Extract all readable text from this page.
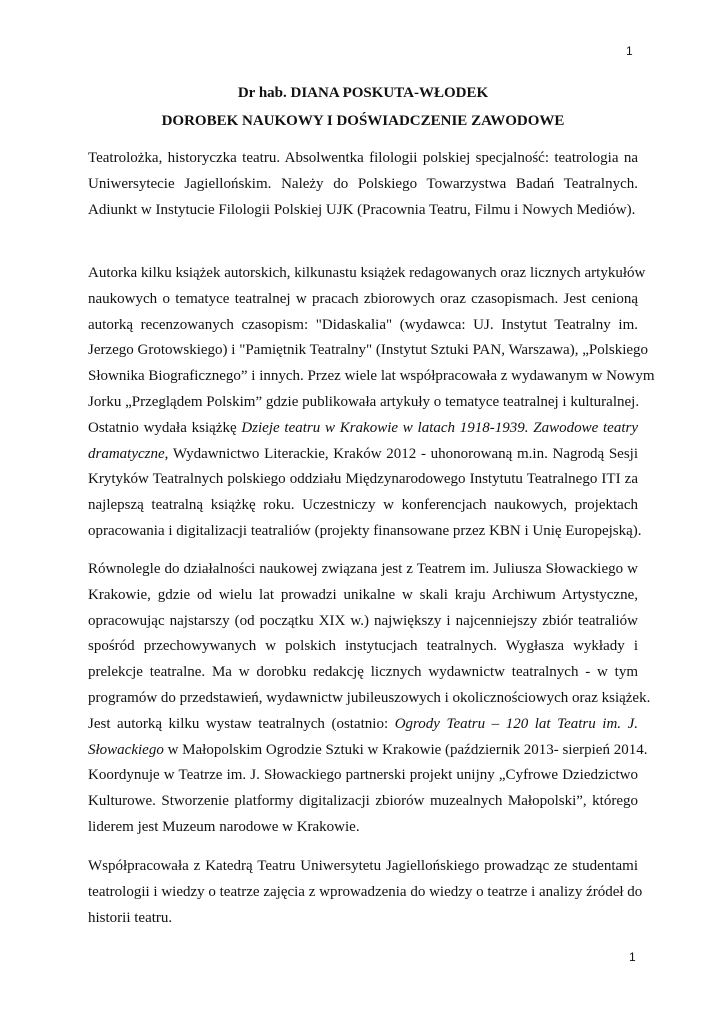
1
Dr hab. DIANA POSKUTA-WŁODEK
DOROBEK NAUKOWY I DOŚWIADCZENIE ZAWODOWE
Teatrolożka, historyczka teatru. Absolwentka filologii polskiej specjalność: teatrologia na
Uniwersytecie Jagiellońskim. Należy do Polskiego Towarzystwa Badań Teatralnych.
Adiunkt w Instytucie Filologii Polskiej UJK (Pracownia Teatru, Filmu i Nowych Mediów).
Autorka kilku książek autorskich, kilkunastu książek redagowanych oraz licznych artykułów
naukowych o tematyce teatralnej w pracach zbiorowych oraz czasopismach. Jest cenioną
autorką recenzowanych czasopism: "Didaskalia" (wydawca: UJ. Instytut Teatralny im.
Jerzego Grotowskiego) i "Pamiętnik Teatralny" (Instytut Sztuki PAN, Warszawa), „Polskiego
Słownika Biograficznego” i innych. Przez wiele lat współpracowała z wydawanym w Nowym
Jorku „Przeglądem Polskim” gdzie publikowała artykuły o tematyce teatralnej i kulturalnej.
Ostatnio wydała książkę Dzieje teatru w Krakowie w latach 1918-1939. Zawodowe teatry
dramatyczne, Wydawnictwo Literackie, Kraków 2012 - uhonorowaną m.in. Nagrodą Sesji
Krytyków Teatralnych polskiego oddziału Międzynarodowego Instytutu Teatralnego ITI za
najlepszą teatralną książkę roku. Uczestniczy w konferencjach naukowych, projektach
opracowania i digitalizacji teatraliów (projekty finansowane przez KBN i Unię Europejską).
Równolegle do działalności naukowej związana jest z Teatrem im. Juliusza Słowackiego w
Krakowie, gdzie od wielu lat prowadzi unikalne w skali kraju Archiwum Artystyczne,
opracowując najstarszy (od początku XIX w.) największy i najcenniejszy zbiór teatraliów
spośród przechowywanych w polskich instytucjach teatralnych. Wygłasza wykłady i
prelekcje teatralne. Ma w dorobku redakcję licznych wydawnictw teatralnych - w tym
programów do przedstawień, wydawnictw jubileuszowych i okolicznościowych oraz książek.
Jest autorką kilku wystaw teatralnych (ostatnio: Ogrody Teatru – 120 lat Teatru im. J.
Słowackiego w Małopolskim Ogrodzie Sztuki w Krakowie (październik 2013- sierpień 2014.
Koordynuje w Teatrze im. J. Słowackiego partnerski projekt unijny „Cyfrowe Dziedzictwo
Kulturowe. Stworzenie platformy digitalizacji zbiorów muzealnych Małopolski”, którego
liderem jest Muzeum narodowe w Krakowie.
Współpracowała z Katedrą Teatru Uniwersytetu Jagiellońskiego prowadząc ze studentami
teatrologii i wiedzy o teatrze zajęcia z wprowadzenia do wiedzy o teatrze i analizy źródeł do
historii teatru.
1
